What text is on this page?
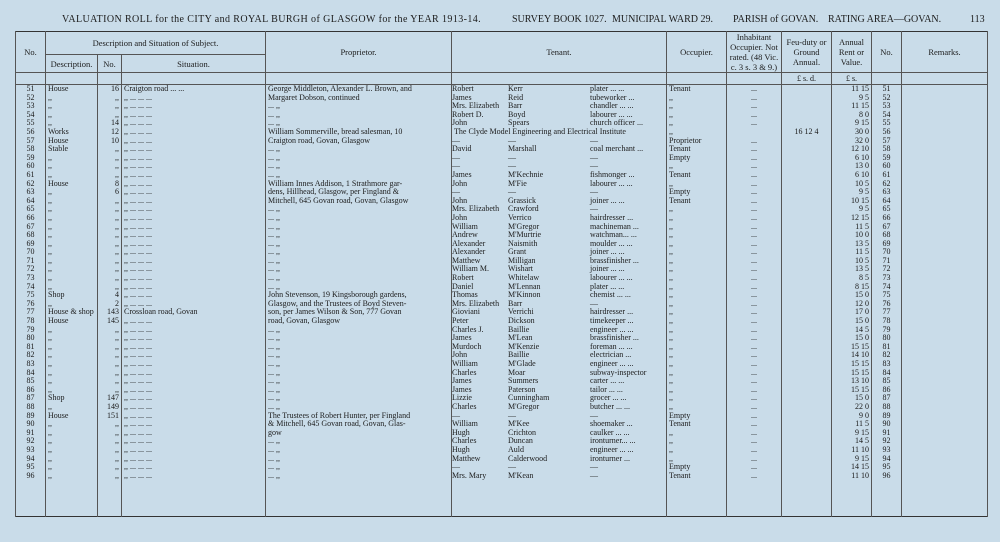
VALUATION ROLL for the CITY and ROYAL BURGH of GLASGOW for the YEAR 1913-14.	SURVEY BOOK 1027. MUNICIPAL WARD 29. PARISH of GOVAN. RATING AREA—GOVAN.	113
No.	Description and Situation of Subject.			Proprietor.	Tenant.	Occupier.	Inhabitant Occupier. Not rated. (48 Vic. c. 3 s. 3 & 9.)	Feu-duty or Ground Annual.	Annual Rent or Value.	No.	Remarks.
	Description.	No.	Situation.								
								£ s. d.	£ s.		
51	House	16	Craigton road ... ...	George Middleton, Alexander L. Brown, and	Robert Kerr plater ... ...	Tenant	...		11 15	51	
52	,,	,,	,, ... ... ...	Margaret Dobson, continued	James Reid tubeworker ...	,,	...		9 5	52	
53	,,	,,	,, ... ... ...	... ,,	Mrs. Elizabeth Barr chandler ... ...	,,	...		11 15	53	
54	,,	,,	,, ... ... ...	... ,,	Robert D. Boyd labourer ... ...	,,	...		8 0	54	
55	,,	14	,, ... ... ...	... ,,	John Spears church officer ...	,,	...		9 15	55	
56	Works	12	,, ... ... ...	William Sommerville, bread salesman, 10	The Clyde Model Engineering and Electrical Institute	,,		16 12 4	30 0	56	
57	House	10	,, ... ... ...	Craigton road, Govan, Glasgow	— — —	Proprietor	...		32 0	57	
58	Stable	,,	,, ... ... ...	... ,,	David Marshall coal merchant ...	Tenant	...		12 10	58	
59	,,	,,	,, ... ... ...	... ,,	— — —	Empty	...		6 10	59	
60	,,	,,	,, ... ... ...	... ,,	— — —	,,	...		13 0	60	
61	,,	,,	,, ... ... ...	... ,,	James M'Kechnie fishmonger ...	Tenant	...		6 10	61	
62	House	8	,, ... ... ...	William Innes Addison, 1 Strathmore gar-	John M'Fie labourer ... ...	,,	...		10 5	62	
63	,,	6	,, ... ... ...	dens, Hillhead, Glasgow, per Fingland &	— — —	Empty	...		9 5	63	
64	,,	,,	,, ... ... ...	Mitchell, 645 Govan road, Govan, Glasgow	John Grassick joiner ... ...	Tenant	...		10 15	64	
65	,,	,,	,, ... ... ...	... ,,	Mrs. Elizabeth Crawford —	,,	...		9 5	65	
66	,,	,,	,, ... ... ...	... ,,	John Verrico hairdresser ...	,,	...		12 15	66	
67	,,	,,	,, ... ... ...	... ,,	William M'Gregor machineman ...	,,	...		11 5	67	
68	,,	,,	,, ... ... ...	... ,,	Andrew M'Murtrie watchman... ...	,,	...		10 0	68	
69	,,	,,	,, ... ... ...	... ,,	Alexander Naismith moulder ... ...	,,	...		13 5	69	
70	,,	,,	,, ... ... ...	... ,,	Alexander Grant joiner ... ...	,,	...		11 5	70	
71	,,	,,	,, ... ... ...	... ,,	Matthew Milligan brassfinisher ...	,,	...		10 5	71	
72	,,	,,	,, ... ... ...	... ,,	William M. Wishart joiner ... ...	,,	...		13 5	72	
73	,,	,,	,, ... ... ...	... ,,	Robert Whitelaw labourer ... ...	,,	...		8 5	73	
74	,,	,,	,, ... ... ...	... ,,	Daniel M'Lennan plater ... ...	,,	...		8 15	74	
75	Shop	4	,, ... ... ...	John Stevenson, 19 Kingsborough gardens,	Thomas M'Kinnon chemist ... ...	,,	...		15 0	75	
76	,,	2	,, ... ... ...	Glasgow, and the Trustees of Boyd Steven-	Mrs. Elizabeth Barr —	,,	...		12 0	76	
77	House & shop	143	Crossloan road, Govan	son, per James Wilson & Son, 777 Govan	Gioviani Verrichi hairdresser ...	,,	...		17 0	77	
78	House	145	,, ... ... ...	road, Govan, Glasgow	Peter Dickson timekeeper ...	,,	...		15 0	78	
79	,,	,,	,, ... ... ...	... ,,	Charles J. Baillie engineer ... ...	,,	...		14 5	79	
80	,,	,,	,, ... ... ...	... ,,	James M'Lean brassfinisher ...	,,	...		15 0	80	
81	,,	,,	,, ... ... ...	... ,,	Murdoch M'Kenzie foreman ... ...	,,	...		15 15	81	
82	,,	,,	,, ... ... ...	... ,,	John Baillie electrician ...	,,	...		14 10	82	
83	,,	,,	,, ... ... ...	... ,,	William M'Glade engineer ... ...	,,	...		15 15	83	
84	,,	,,	,, ... ... ...	... ,,	Charles Moar subway-inspector	,,	...		15 15	84	
85	,,	,,	,, ... ... ...	... ,,	James Summers carter ... ...	,,	...		13 10	85	
86	,,	,,	,, ... ... ...	... ,,	James Paterson tailor ... ...	,,	...		15 15	86	
87	Shop	147	,, ... ... ...	... ,,	Lizzie Cunningham grocer ... ...	,,	...		15 0	87	
88	,,	149	,, ... ... ...	... ,,	Charles M'Gregor butcher ... ...	,,	...		22 0	88	
89	House	151	,, ... ... ...	The Trustees of Robert Hunter, per Fingland	— — —	Empty	...		9 0	89	
90	,,	,,	,, ... ... ...	& Mitchell, 645 Govan road, Govan, Glas-	William M'Kee shoemaker ...	Tenant	...		11 5	90	
91	,,	,,	,, ... ... ...	gow	Hugh Crichton caulker ... ...	,,	...		9 15	91	
92	,,	,,	,, ... ... ...	... ,,	Charles Duncan ironturner... ...	,,	...		14 5	92	
93	,,	,,	,, ... ... ...	... ,,	Hugh Auld engineer ... ...	,,	...		11 10	93	
94	,,	,,	,, ... ... ...	... ,,	Matthew Calderwood ironturner ...	,,	...		9 15	94	
95	,,	,,	,, ... ... ...	... ,,	— — —	Empty	...		14 15	95	
96	,,	,,	,, ... ... ...	... ,,	Mrs. Mary M'Kean —	Tenant	...		11 10	96	
